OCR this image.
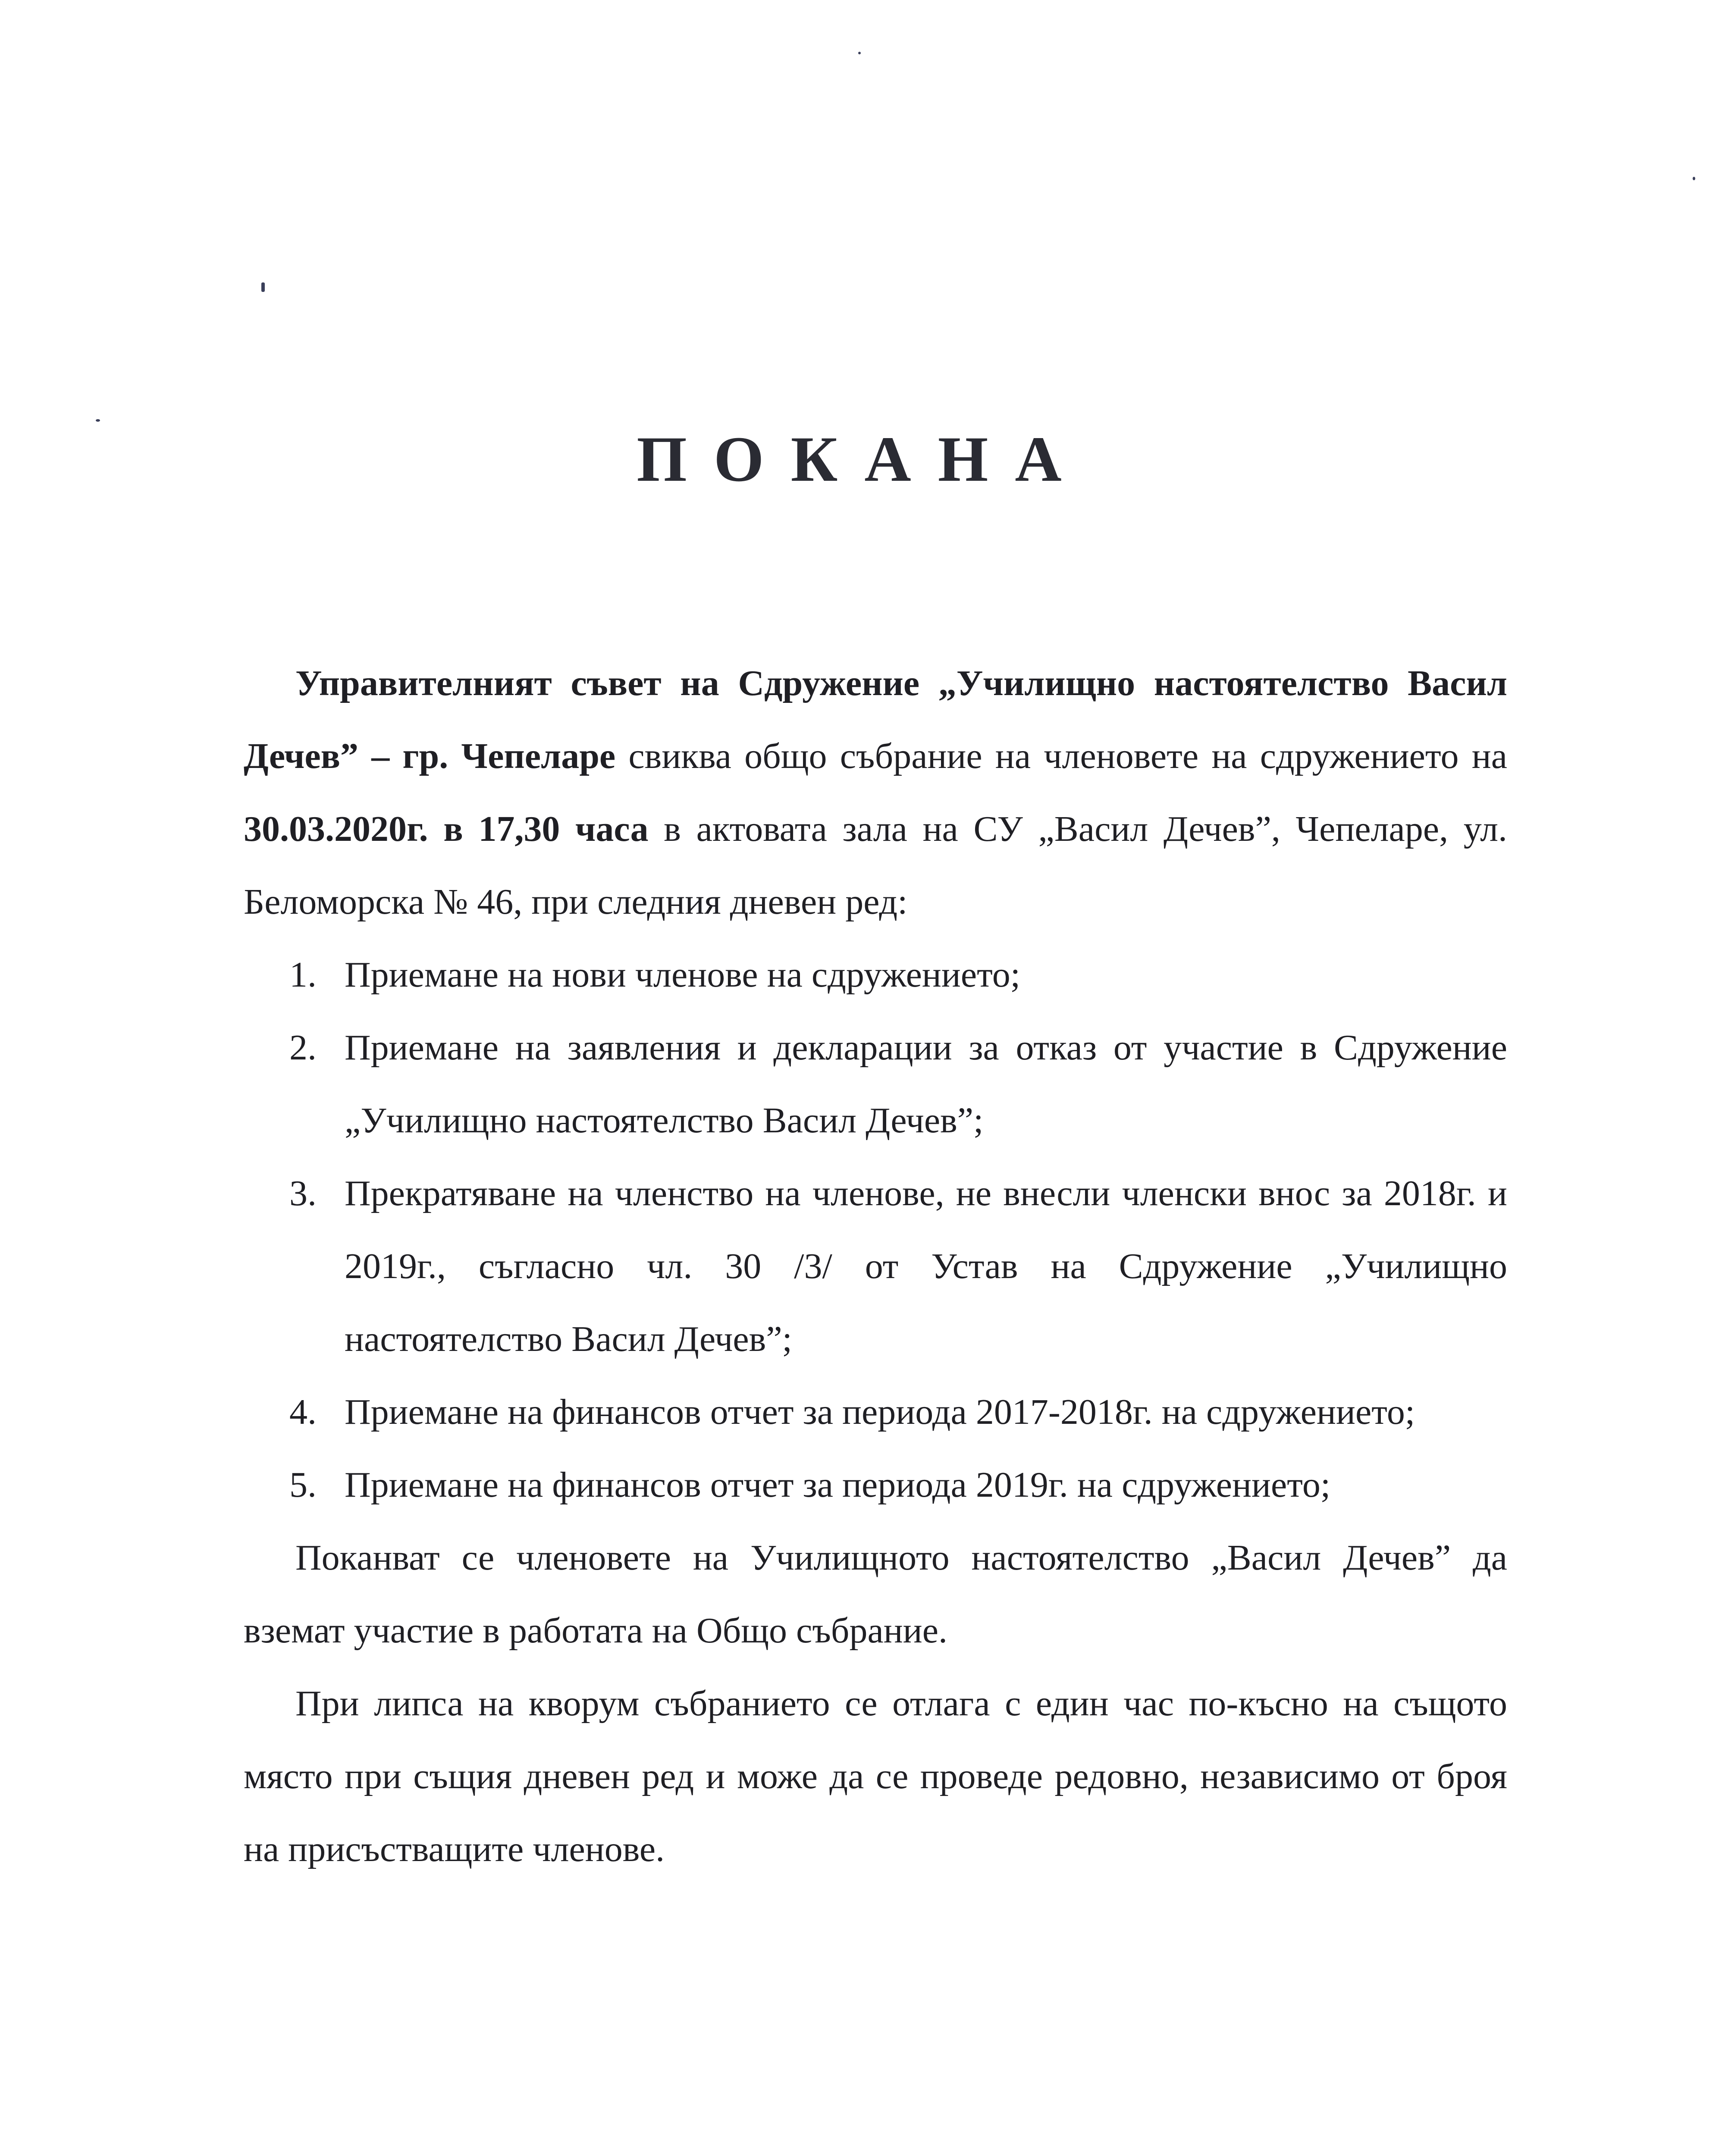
ПОКАНА

Управителният съвет на Сдружение „Училищно настоятелство Васил Дечев” – гр. Чепеларе свиква общо събрание на членовете на сдружението на 30.03.2020г. в 17,30 часа в актовата зала на СУ „Васил Дечев”, Чепеларе, ул. Беломорска № 46, при следния дневен ред:

1. Приемане на нови членове на сдружението;
2. Приемане на заявления и декларации за отказ от участие в Сдружение „Училищно настоятелство Васил Дечев”;
3. Прекратяване на членство на членове, не внесли членски внос за 2018г. и 2019г., съгласно чл. 30 /3/ от Устав на Сдружение „Училищно настоятелство Васил Дечев”;
4. Приемане на финансов отчет за периода 2017-2018г. на сдружението;
5. Приемане на финансов отчет за периода 2019г. на сдружението;

Поканват се членовете на Училищното настоятелство „Васил Дечев” да вземат участие в работата на Общо събрание.

При липса на кворум събранието се отлага с един час по-късно на същото място при същия дневен ред и може да се проведе редовно, независимо от броя на присъстващите членове.
